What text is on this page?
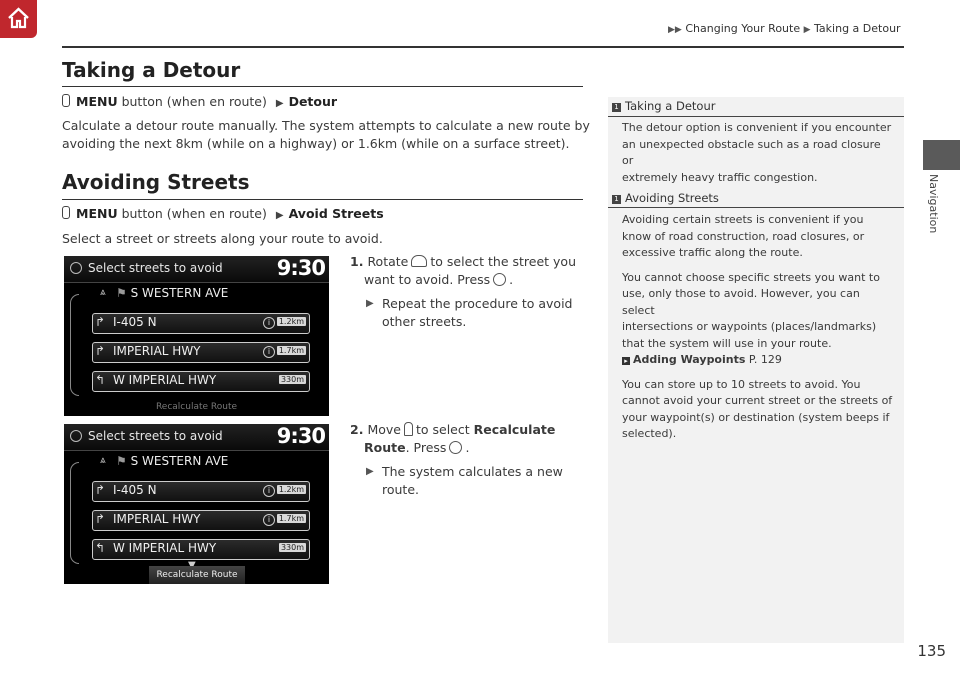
▶▶ Changing Your Route ▶ Taking a Detour
Taking a Detour
MENU button (when en route) ▶ Detour
Calculate a detour route manually. The system attempts to calculate a new route by
avoiding the next 8km (while on a highway) or 1.6km (while on a surface street).
Avoiding Streets
MENU button (when en route) ▶ Avoid Streets
Select a street or streets along your route to avoid.
Select streets to avoid	9:30
⩓ ⚑ S WESTERN AVE
↱ I-405 N	i	1.2km
↱ IMPERIAL HWY	i	1.7km
↰ W IMPERIAL HWY	330m
Recalculate Route
Select streets to avoid	9:30
⩓ ⚑ S WESTERN AVE
↱ I-405 N	i	1.2km
↱ IMPERIAL HWY	i	1.7km
↰ W IMPERIAL HWY	330m
Recalculate Route
1. Rotate to select the street you
want to avoid. Press .
▶ Repeat the procedure to avoid
other streets.
2. Move to select Recalculate
Route. Press .
▶ The system calculates a new
route.
1 Taking a Detour
The detour option is convenient if you encounter
an unexpected obstacle such as a road closure or
extremely heavy traffic congestion.
1 Avoiding Streets
Avoiding certain streets is convenient if you
know of road construction, road closures, or
excessive traffic along the route.
You cannot choose specific streets you want to
use, only those to avoid. However, you can select
intersections or waypoints (places/landmarks)
that the system will use in your route.
▸ Adding Waypoints P. 129
You can store up to 10 streets to avoid. You
cannot avoid your current street or the streets of
your waypoint(s) or destination (system beeps if
selected).
Navigation
135
